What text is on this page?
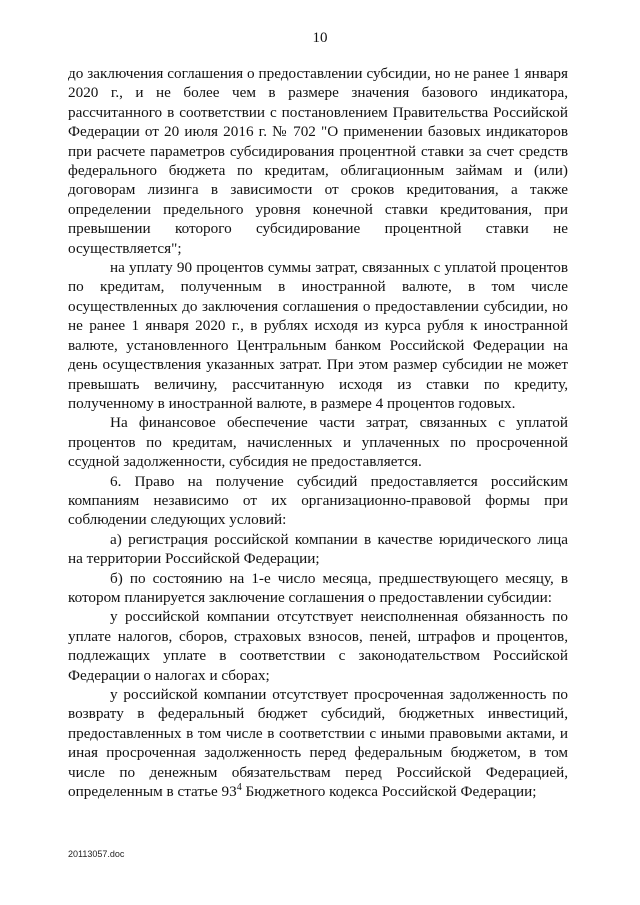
10

до заключения соглашения о предоставлении субсидии, но не ранее 1 января 2020 г., и не более чем в размере значения базового индикатора, рассчитанного в соответствии с постановлением Правительства Российской Федерации от 20 июля 2016 г. № 702 "О применении базовых индикаторов при расчете параметров субсидирования процентной ставки за счет средств федерального бюджета по кредитам, облигационным займам и (или) договорам лизинга в зависимости от сроков кредитования, а также определении предельного уровня конечной ставки кредитования, при превышении которого субсидирование процентной ставки не осуществляется";

на уплату 90 процентов суммы затрат, связанных с уплатой процентов по кредитам, полученным в иностранной валюте, в том числе осуществленных до заключения соглашения о предоставлении субсидии, но не ранее 1 января 2020 г., в рублях исходя из курса рубля к иностранной валюте, установленного Центральным банком Российской Федерации на день осуществления указанных затрат. При этом размер субсидии не может превышать величину, рассчитанную исходя из ставки по кредиту, полученному в иностранной валюте, в размере 4 процентов годовых.

На финансовое обеспечение части затрат, связанных с уплатой процентов по кредитам, начисленных и уплаченных по просроченной ссудной задолженности, субсидия не предоставляется.

6. Право на получение субсидий предоставляется российским компаниям независимо от их организационно-правовой формы при соблюдении следующих условий:

а) регистрация российской компании в качестве юридического лица на территории Российской Федерации;

б) по состоянию на 1-е число месяца, предшествующего месяцу, в котором планируется заключение соглашения о предоставлении субсидии:

у российской компании отсутствует неисполненная обязанность по уплате налогов, сборов, страховых взносов, пеней, штрафов и процентов, подлежащих уплате в соответствии с законодательством Российской Федерации о налогах и сборах;

у российской компании отсутствует просроченная задолженность по возврату в федеральный бюджет субсидий, бюджетных инвестиций, предоставленных в том числе в соответствии с иными правовыми актами, и иная просроченная задолженность перед федеральным бюджетом, в том числе по денежным обязательствам перед Российской Федерацией, определенным в статье $93^4$ Бюджетного кодекса Российской Федерации;

20113057.doc
